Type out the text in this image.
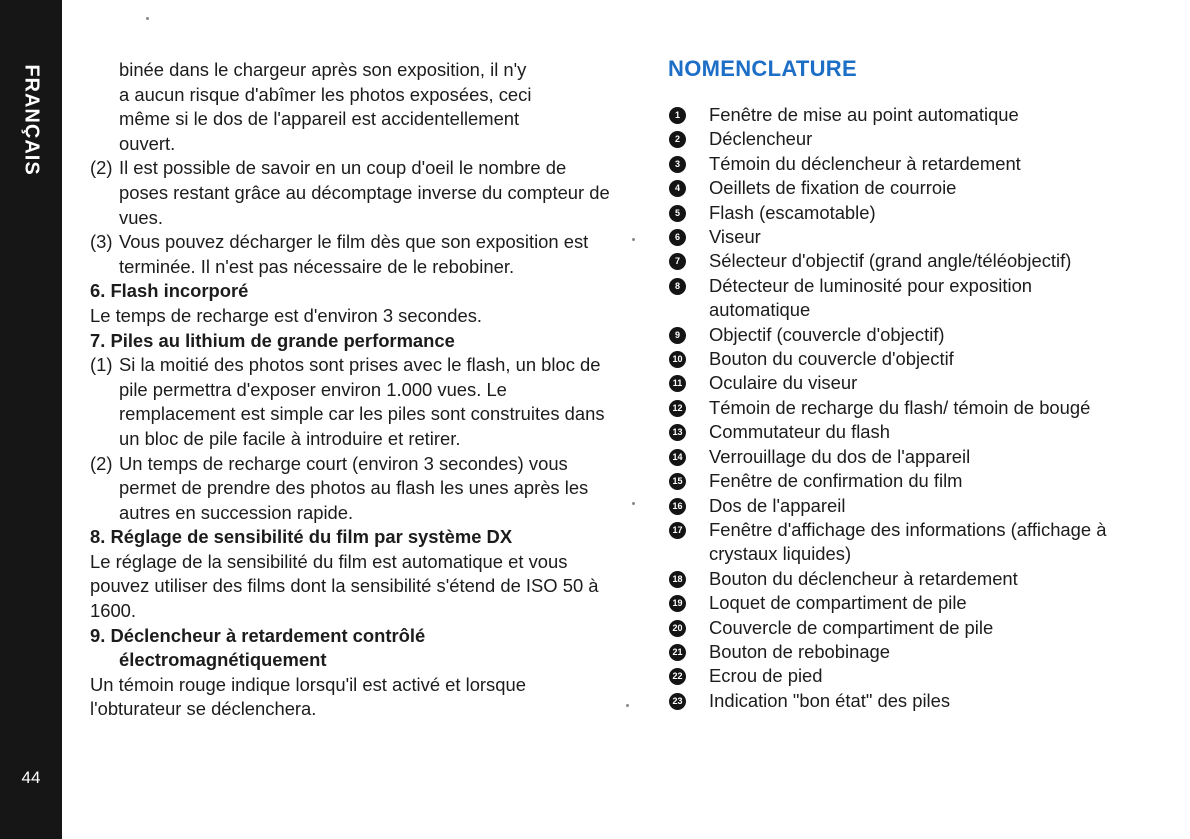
FRANÇAIS
44

binée dans le chargeur après son exposition, il n'y

a aucun risque d'abîmer les photos exposées, ceci

même si le dos de l'appareil est accidentellement

ouvert.

(2) Il est possible de savoir en un coup d'oeil le nombre de poses restant grâce au décomptage inverse du compteur de vues.

(3) Vous pouvez décharger le film dès que son exposition est terminée. Il n'est pas nécessaire de le rebobiner.

6. Flash incorporé

Le temps de recharge est d'environ 3 secondes.

7. Piles au lithium de grande performance

(1) Si la moitié des photos sont prises avec le flash, un bloc de pile permettra d'exposer environ 1.000 vues. Le remplacement est simple car les piles sont construites dans un bloc de pile facile à introduire et retirer.

(2) Un temps de recharge court (environ 3 secondes) vous permet de prendre des photos au flash les unes après les autres en succession rapide.

8. Réglage de sensibilité du film par système DX

Le réglage de la sensibilité du film est automatique et vous pouvez utiliser des films dont la sensibilité s'étend de ISO 50 à 1600.

9. Déclencheur à retardement contrôlé électromagnétiquement

Un témoin rouge indique lorsqu'il est activé et lorsque l'obturateur se déclenchera.

NOMENCLATURE
1	Fenêtre de mise au point automatique
2	Déclencheur
3	Témoin du déclencheur à retardement
4	Oeillets de fixation de courroie
5	Flash (escamotable)
6	Viseur
7	Sélecteur d'objectif (grand angle/téléobjectif)
8	Détecteur de luminosité pour exposition automatique
9	Objectif (couvercle d'objectif)
10 Bouton du couvercle d'objectif
11 Oculaire du viseur
12 Témoin de recharge du flash/ témoin de bougé
13 Commutateur du flash
14 Verrouillage du dos de l'appareil
15 Fenêtre de confirmation du film
16 Dos de l'appareil
17 Fenêtre d'affichage des informations (affichage à crystaux liquides)
18 Bouton du déclencheur à retardement
19 Loquet de compartiment de pile
20 Couvercle de compartiment de pile
21 Bouton de rebobinage
22 Ecrou de pied
23 Indication "bon état" des piles
